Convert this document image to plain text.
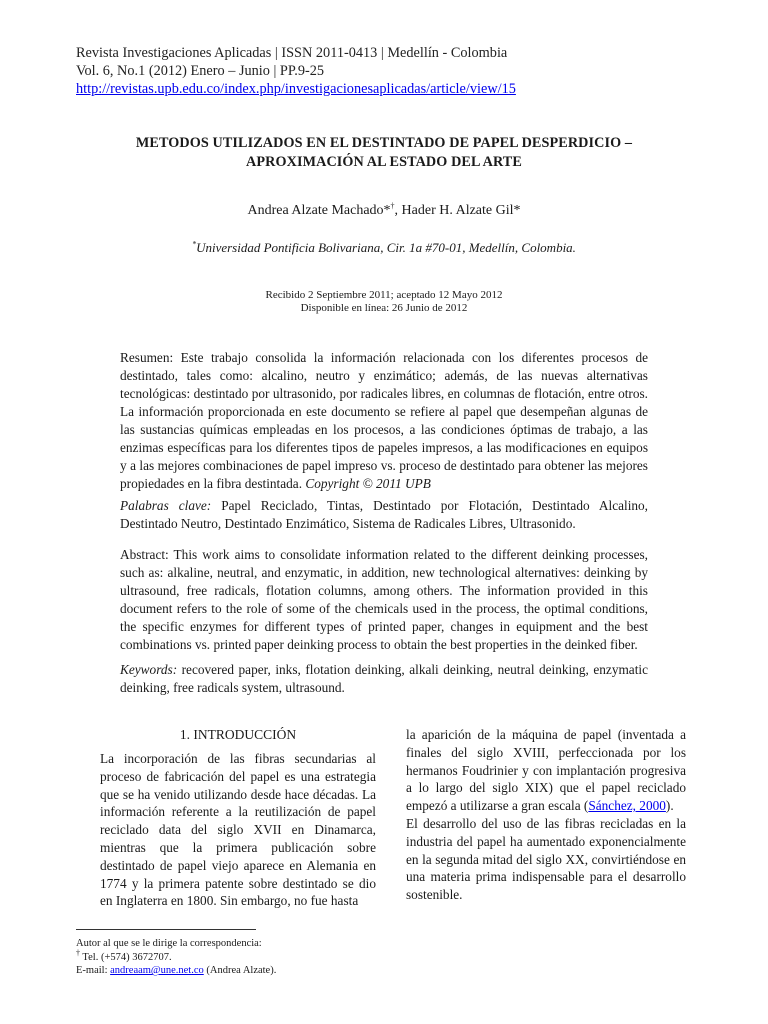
Revista Investigaciones Aplicadas | ISSN 2011-0413 | Medellín - Colombia
Vol. 6, No.1 (2012) Enero – Junio | PP.9-25
http://revistas.upb.edu.co/index.php/investigacionesaplicadas/article/view/15
METODOS UTILIZADOS EN EL DESTINTADO DE PAPEL DESPERDICIO –
APROXIMACIÓN AL ESTADO DEL ARTE
Andrea Alzate Machado*†, Hader H. Alzate Gil*
*Universidad Pontificia Bolivariana, Cir. 1a #70-01, Medellín, Colombia.
Recibido 2 Septiembre 2011; aceptado 12 Mayo 2012
Disponible en línea: 26 Junio de 2012
Resumen: Este trabajo consolida la información relacionada con los diferentes procesos de destintado, tales como: alcalino, neutro y enzimático; además, de las nuevas alternativas tecnológicas: destintado por ultrasonido, por radicales libres, en columnas de flotación, entre otros. La información proporcionada en este documento se refiere al papel que desempeñan algunas de las sustancias químicas empleadas en los procesos, a las condiciones óptimas de trabajo, a las enzimas específicas para los diferentes tipos de papeles impresos, a las modificaciones en equipos y a las mejores combinaciones de papel impreso vs. proceso de destintado para obtener las mejores propiedades en la fibra destintada. Copyright © 2011 UPB
Palabras clave: Papel Reciclado, Tintas, Destintado por Flotación, Destintado Alcalino, Destintado Neutro, Destintado Enzimático, Sistema de Radicales Libres, Ultrasonido.
Abstract: This work aims to consolidate information related to the different deinking processes, such as: alkaline, neutral, and enzymatic, in addition, new technological alternatives: deinking by ultrasound, free radicals, flotation columns, among others. The information provided in this document refers to the role of some of the chemicals used in the process, the optimal conditions, the specific enzymes for different types of printed paper, changes in equipment and the best combinations vs. printed paper deinking process to obtain the best properties in the deinked fiber.
Keywords: recovered paper, inks, flotation deinking, alkali deinking, neutral deinking, enzymatic deinking, free radicals system, ultrasound.
1. INTRODUCCIÓN
La incorporación de las fibras secundarias al proceso de fabricación del papel es una estrategia que se ha venido utilizando desde hace décadas. La información referente a la reutilización de papel reciclado data del siglo XVII en Dinamarca, mientras que la primera publicación sobre destintado de papel viejo aparece en Alemania en 1774 y la primera patente sobre destintado se dio en Inglaterra en 1800. Sin embargo, no fue hasta
la aparición de la máquina de papel (inventada a finales del siglo XVIII, perfeccionada por los hermanos Foudrinier y con implantación progresiva a lo largo del siglo XIX) que el papel reciclado empezó a utilizarse a gran escala (Sánchez, 2000).
El desarrollo del uso de las fibras recicladas en la industria del papel ha aumentado exponencialmente en la segunda mitad del siglo XX, convirtiéndose en una materia prima indispensable para el desarrollo sostenible.
Autor al que se le dirige la correspondencia:
† Tel. (+574) 3672707.
E-mail: andreaam@une.net.co (Andrea Alzate).
